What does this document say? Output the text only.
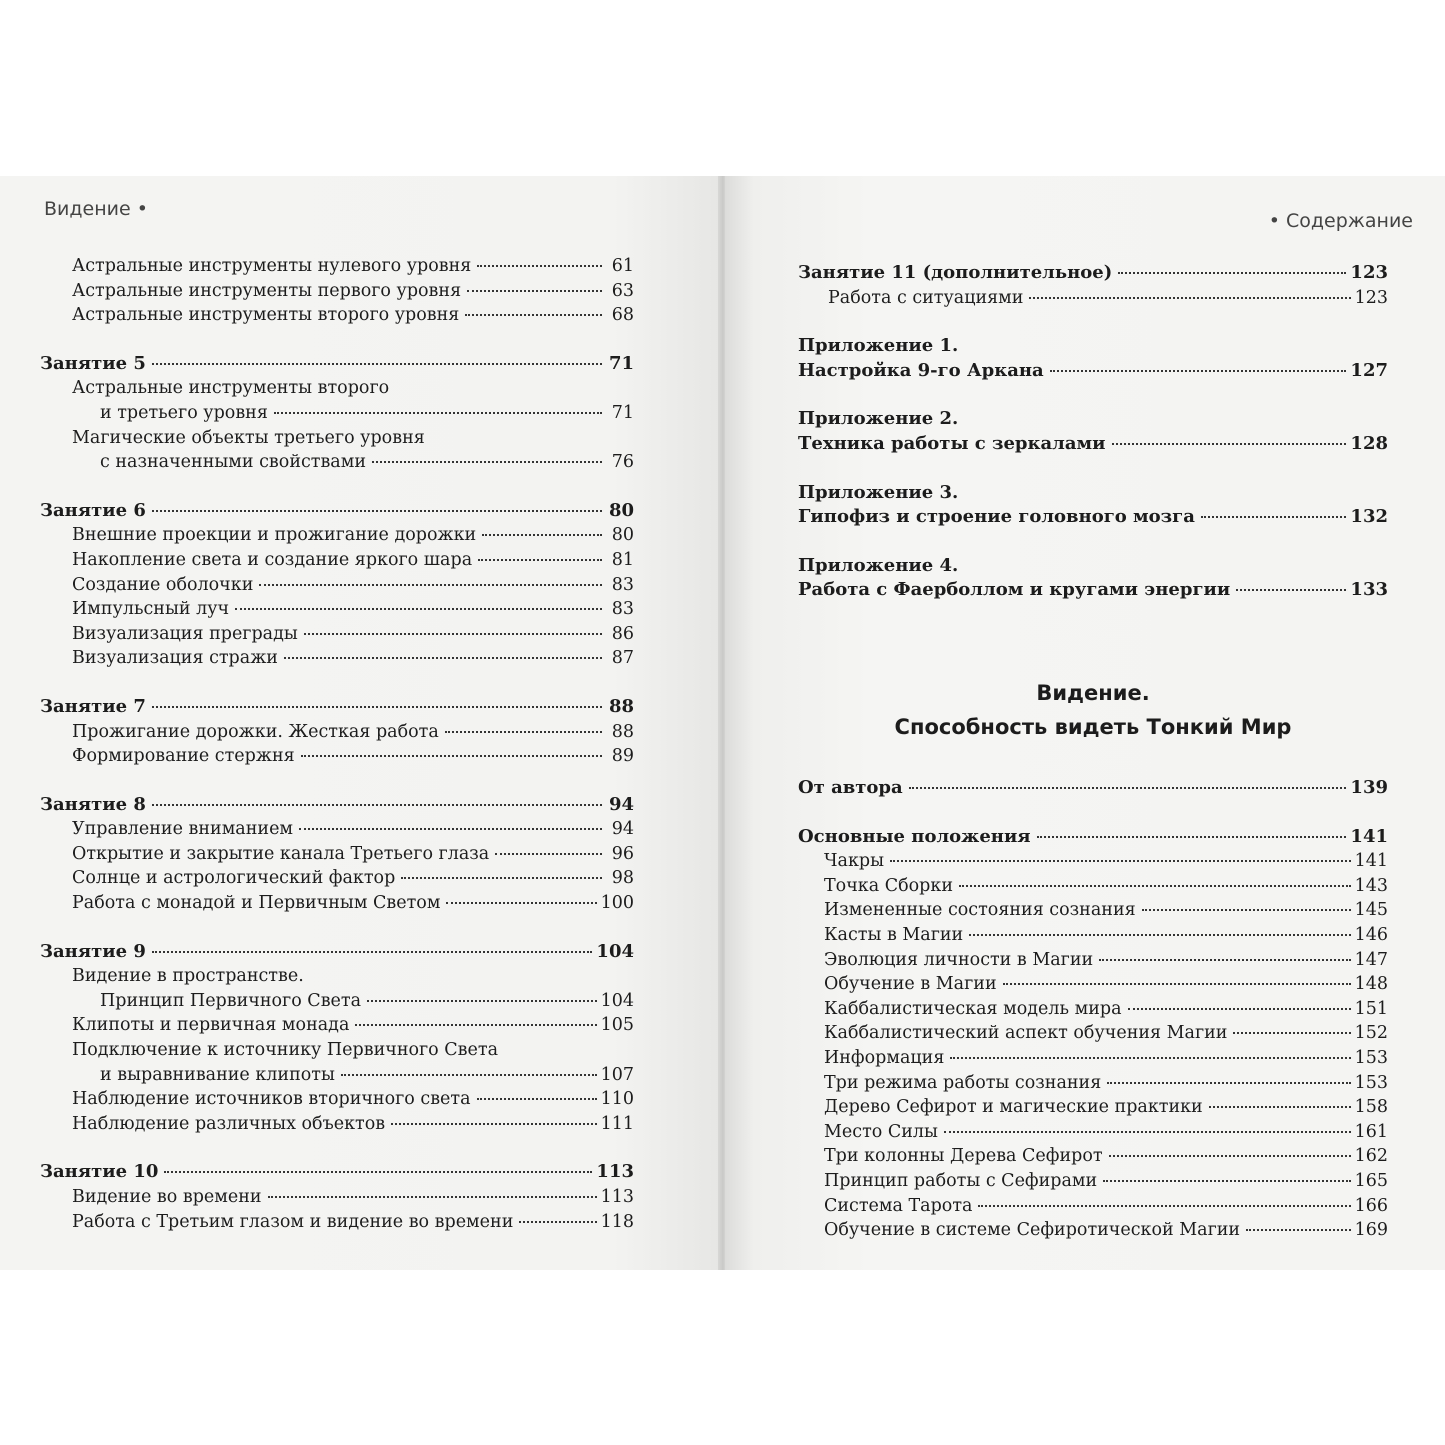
Видение •
Астральные инструменты нулевого уровня	61
Астральные инструменты первого уровня	63
Астральные инструменты второго уровня	68
Занятие 5	71
Астральные инструменты второго
и третьего уровня	71
Магические объекты третьего уровня
с назначенными свойствами	76
Занятие 6	80
Внешние проекции и прожигание дорожки	80
Накопление света и создание яркого шара	81
Создание оболочки	83
Импульсный луч	83
Визуализация преграды	86
Визуализация стражи	87
Занятие 7	88
Прожигание дорожки. Жесткая работа	88
Формирование стержня	89
Занятие 8	94
Управление вниманием	94
Открытие и закрытие канала Третьего глаза	96
Солнце и астрологический фактор	98
Работа с монадой и Первичным Светом	100
Занятие 9	104
Видение в пространстве.
Принцип Первичного Света	104
Клипоты и первичная монада	105
Подключение к источнику Первичного Света
и выравнивание клипоты	107
Наблюдение источников вторичного света	110
Наблюдение различных объектов	111
Занятие 10	113
Видение во времени	113
Работа с Третьим глазом и видение во времени	118
• Содержание
Занятие 11 (дополнительное)	123
Работа с ситуациями	123
Приложение 1.
Настройка 9-го Аркана	127
Приложение 2.
Техника работы с зеркалами	128
Приложение 3.
Гипофиз и строение головного мозга	132
Приложение 4.
Работа с Фаерболлом и кругами энергии	133
Видение.
Способность видеть Тонкий Мир
От автора	139
Основные положения	141
Чакры	141
Точка Сборки	143
Измененные состояния сознания	145
Касты в Магии	146
Эволюция личности в Магии	147
Обучение в Магии	148
Каббалистическая модель мира	151
Каббалистический аспект обучения Магии	152
Информация	153
Три режима работы сознания	153
Дерево Сефирот и магические практики	158
Место Силы	161
Три колонны Дерева Сефирот	162
Принцип работы с Сефирами	165
Система Тарота	166
Обучение в системе Сефиротической Магии	169
